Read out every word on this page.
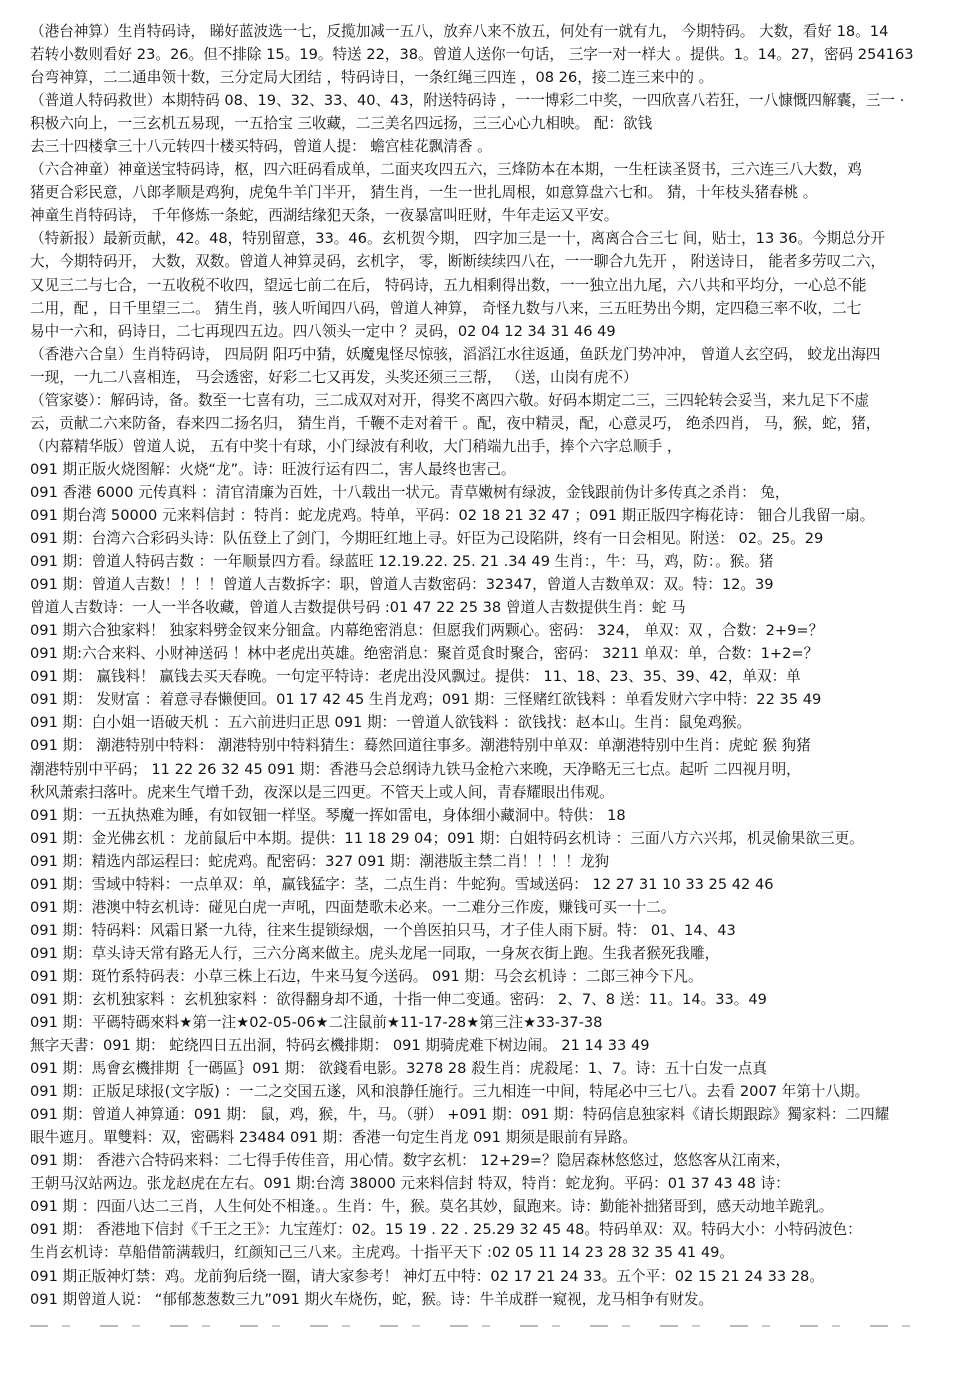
（港台神算）生肖特码诗， 睇好蓝波选一七，反揽加减一五八，放弃八来不放五，何处有一就有九， 今期特码。 大数，看好 18。14
若转小数则看好 23。26。但不排除 15。19。特送 22，38。曾道人送你一句话， 三字一对一样大 。提供。1。14。27，密码 254163
台弯神算，二二通串领十数，三分定局大团结 ，特码诗日，一条红绳三四连 ，08 26，接二连三来中的 。
（普道人特码救世）本期特码 08、19、32、33、40、43，附送特码诗 ，一一博彩二中奖，一四欣喜八若狂，一八慷慨四解囊，三一 ·
积极六向上，一三玄机五易现，一五拾宝 三收藏，二三美名四远扬，三三心心九相映。 配：欲钱
去三十四楼拿三十八元转四十楼买特码，曾道人提： 蟾宫桂花飘清香 。
（六合神童）神童送宝特码诗，枢，四六旺码看成单，二面夹攻四五六，三烽防本在本期，一生枉读圣贤书，三六连三八大数，鸡
猪更合彩民意，八郎孝顺是鸡狗，虎兔牛羊门半开， 猜生肖，一生一世扎周根，如意算盘六七和。 猜，十年枝头猪春桃 。
神童生肖特码诗， 千年修炼一条蛇，西湖结缘犯天条，一夜暴富叫旺财，牛年走运又平安。
（特新报）最新贡献，42。48，特别留意，33。46。玄机贺今期， 四字加三是一十，离离合合三七 间，贴士，13 36。今期总分开
大，今期特码开， 大数，双数。曾道人神算灵码，玄机字， 零，断断续续四八在，一一聊合九先开 ， 附送诗日， 能者多劳叹二六，
又见三二与七合，一五收税不收四，望远七前二在后， 特码诗，五九相剩得出数，一一独立出九尾，六八共和平均分，一心总不能
二用，配 ，日千里望三二。 猜生肖，骇人听闻四八码，曾道人神算， 奇怪九数与八来，三五旺势出今期，定四稳三率不收，二七
易中一六和，码诗日，二七再现四五边。四八领头一定中 ？灵码，02 04 12 34 31 46 49
（香港六合皇）生肖特码诗， 四局阴 阳巧中猜，妖魔鬼怪尽惊骇，滔滔江水往返通，鱼跃龙门势冲冲， 曾道人玄空码， 蛟龙出海四
一现，一九二八喜相连， 马会透密，好彩二七又再发，头奖还须三三帮， （送，山岗有虎不）
（管家婆）：解码诗，备。数至一七喜有功，三二成双对对开，得奖不离四六敬。好码本期定二三，三四轮转会妥当，来九足下不虚
云，贡献二六来防备，春来四二扬名归， 猜生肖，千鞭不走对着干 。配，夜中精灵，配，心意灵巧， 绝杀四肖， 马，猴，蛇，猪，
（内幕精华版）曾道人说， 五有中奖十有球，小门绿波有利收，大门稍端九出手，捧个六字总顺手 ，
091 期正版火烧图解：火烧“龙”。诗：旺波行运有四二，害人最终也害己。
091 香港 6000 元传真料 ：清官清廉为百姓，十八载出一状元。青草嫩树有绿波，金钱跟前伪计多传真之杀肖： 兔，
091 期台湾 50000 元来料信封 ：特肖：蛇龙虎鸡。特单，平码：02 18 21 32 47 ；091 期正版四字梅花诗： 钿合儿我留一扇。
091 期：台湾六合彩码头诗：队伍登上了剑门，今期旺红地上寻。奸臣为己设陷阱，终有一日会相见。附送： 02。25。29
091 期：曾道人特码吉数 ：一年顺景四方看。绿蓝旺 12.19.22. 25. 21 .34 49 生肖：，牛：马，鸡，防：。猴。猪
091 期：曾道人吉数！！！！曾道人吉数拆字：职，曾道人吉数密码：32347，曾道人吉数单双：双。特：12。39
曾道人吉数诗：一人一半各收藏，曾道人吉数提供号码 :01 47 22 25 38 曾道人吉数提供生肖：蛇 马
091 期六合独家料！ 独家料劈金钗来分钿盒。内幕绝密消息：但愿我们两颗心。密码： 324， 单双：双 ，合数：2+9=？
091 期:六合来料、小财神送码 ！林中老虎出英雄。绝密消息：聚首觅食时聚合，密码： 3211 单双：单，合数：1+2=？
091 期： 赢钱料！ 赢钱去买天春晚。一句定平特诗：老虎出没风飘过。提供： 11、18、23、35、39、42，单双：单
091 期： 发财富 ：着意寻春懒便回。01 17 42 45 生肖龙鸡；091 期：三怪赌红欲钱料 ：单看发财六字中特：22 35 49
091 期：白小姐一语破天机 ：五六前进归正思 091 期：一曾道人欲钱料 ：欲钱找：赵本山。生肖：鼠兔鸡猴。
091 期： 潮港特别中特料： 潮港特别中特料猜生：蓦然回道往事多。潮港特别中单双：单潮港特别中生肖：虎蛇 猴 狗猪
潮港特别中平码； 11 22 26 32 45 091 期：香港马会总纲诗九铁马金枪六来晚，天净略无三七点。起听 二四视月明，
秋风萧索扫落叶。虎来生气增千劲，夜深以是三四更。不管天上或人间，青春耀眼出伟观。
091 期：一五执热难为睡，有如钗钿一样坚。琴魔一挥如雷电，身体细小藏洞中。特供： 18
091 期：金光佛玄机 ：龙前鼠后中本期。提供：11 18 29 04；091 期：白姐特码玄机诗 ：三面八方六兴邦，机灵偷果欲三更。
091 期：精选内部运程曰：蛇虎鸡。配密码：327 091 期：潮港版主禁二肖！！！！龙狗
091 期：雪域中特料：一点单双：单，赢钱猛字：茎，二点生肖：牛蛇狗。雪域送码： 12 27 31 10 33 25 42 46
091 期：港澳中特玄机诗：碰见白虎一声吼，四面楚歌未必来。一二难分三作废，赚钱可买一十二。
091 期：特码料：风霜日紧一九待，往来生提锁绿烟，一个兽医拍只马，才子佳人雨下厨。特： 01、14、43
091 期：草头诗天常有路无人行，三六分离来做主。虎头龙尾一同取，一身灰衣街上跑。生我者猴死我雕，
091 期：斑竹系特码表：小草三株上石边，牛来马复今送码。 091 期：马会玄机诗 ：二郎三神今下凡。
091 期：玄机独家料 ：玄机独家料 ：欲得翻身却不通，十指一伸二变通。密码： 2、7、8 送：11。14。33。49
091 期：平碼特碼來料★第一注★02-05-06★二注鼠前★11-17-28★第三注★33-37-38
無字天書：091 期： 蛇绕四日五出洞，特码玄機排期： 091 期骑虎难下树边闹。 21 14 33 49
091 期：馬會玄機排期｛一碼區｝091 期： 欲錢看电影。3278 28 殺生肖：虎殺尾：1、7。诗：五十白发一点真
091 期：正版足球报(文字版) ：一二之交国五遂，风和浪静任施行。三九相连一中间，特尾必中三七八。去看 2007 年第十八期。
091 期：曾道人神算通：091 期： 鼠，鸡，猴，牛，马。（骈） +091 期：091 期：特码信息独家料《请长期跟踪》獨家料：二四耀
眼牛遮月。單雙料：双，密碼料 23484 091 期：香港一句定生肖龙 091 期须是眼前有异路。
091 期： 香港六合特码来料：二七得手传佳音，用心情。数字玄机： 12+29=？隐居森林悠悠过，悠悠客从江南来，
王朝马汉站两边。张龙赵虎在左右。091 期:台湾 38000 元来料信封 特双，特肖：蛇龙狗。平码：01 37 43 48 诗：
091 期 ：四面八达二三肖，人生何处不相逢。。生肖：牛，猴。莫名其妙，鼠跑来。诗：勤能补拙猪哥到，感天动地羊跪乳。
091 期： 香港地下信封《千王之王》：九宝莲灯：02。15 19 . 22 . 25.29 32 45 48。特码单双：双。特码大小：小特码波色：
生肖玄机诗：草船借箭满载归，红颜知己三八来。主虎鸡。十指平天下 :02 05 11 14 23 28 32 35 41 49。
091 期正版神灯禁：鸡。龙前狗后绕一圈，请大家参考！ 神灯五中特：02 17 21 24 33。五个平：02 15 21 24 33 28。
091 期曾道人说： “郁郁葱葱数三九”091 期火车烧伤，蛇，猴。诗：牛羊成群一窥视，龙马相争有财发。
